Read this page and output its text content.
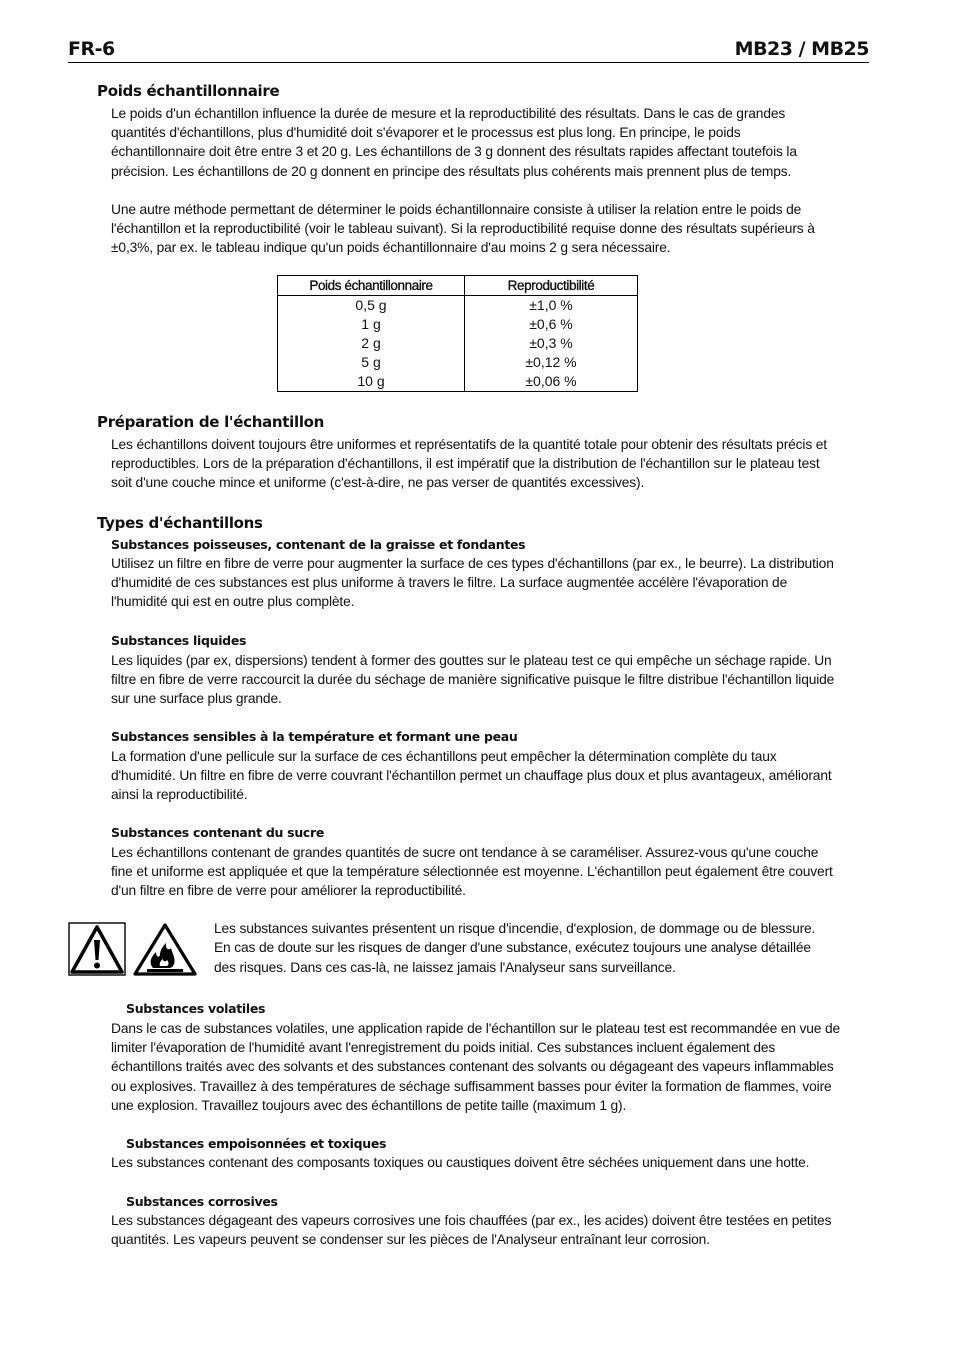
FR-6	MB23 / MB25
Poids échantillonnaire
Le poids d'un échantillon influence la durée de mesure et la reproductibilité des résultats. Dans le cas de grandes
quantités d'échantillons, plus d'humidité doit s'évaporer et le processus est plus long. En principe, le poids
échantillonnaire doit être entre 3 et 20 g. Les échantillons de 3 g donnent des résultats rapides affectant toutefois la
précision. Les échantillons de 20 g donnent en principe des résultats plus cohérents mais prennent plus de temps.
Une autre méthode permettant de déterminer le poids échantillonnaire consiste à utiliser la relation entre le poids de
l'échantillon et la reproductibilité (voir le tableau suivant). Si la reproductibilité requise donne des résultats supérieurs à
±0,3%, par ex. le tableau indique qu'un poids échantillonnaire d'au moins 2 g sera nécessaire.
Poids échantillonnaire	Reproductibilité
0,5 g	±1,0 %
1 g	±0,6 %
2 g	±0,3 %
5 g	±0,12 %
10 g	±0,06 %
Préparation de l'échantillon
Les échantillons doivent toujours être uniformes et représentatifs de la quantité totale pour obtenir des résultats précis et
reproductibles. Lors de la préparation d'échantillons, il est impératif que la distribution de l'échantillon sur le plateau test
soit d'une couche mince et uniforme (c'est-à-dire, ne pas verser de quantités excessives).
Types d'échantillons
Substances poisseuses, contenant de la graisse et fondantes
Utilisez un filtre en fibre de verre pour augmenter la surface de ces types d'échantillons (par ex., le beurre). La distribution
d'humidité de ces substances est plus uniforme à travers le filtre. La surface augmentée accélère l'évaporation de
l'humidité qui est en outre plus complète.
Substances liquides
Les liquides (par ex, dispersions) tendent à former des gouttes sur le plateau test ce qui empêche un séchage rapide. Un
filtre en fibre de verre raccourcit la durée du séchage de manière significative puisque le filtre distribue l'échantillon liquide
sur une surface plus grande.
Substances sensibles à la température et formant une peau
La formation d'une pellicule sur la surface de ces échantillons peut empêcher la détermination complète du taux
d'humidité. Un filtre en fibre de verre couvrant l'échantillon permet un chauffage plus doux et plus avantageux, améliorant
ainsi la reproductibilité.
Substances contenant du sucre
Les échantillons contenant de grandes quantités de sucre ont tendance à se caraméliser. Assurez-vous qu'une couche
fine et uniforme est appliquée et que la température sélectionnée est moyenne. L'échantillon peut également être couvert
d'un filtre en fibre de verre pour améliorer la reproductibilité.
Les substances suivantes présentent un risque d'incendie, d'explosion, de dommage ou de blessure.
En cas de doute sur les risques de danger d'une substance, exécutez toujours une analyse détaillée
des risques. Dans ces cas-là, ne laissez jamais l'Analyseur sans surveillance.
Substances volatiles
Dans le cas de substances volatiles, une application rapide de l'échantillon sur le plateau test est recommandée en vue de
limiter l'évaporation de l'humidité avant l'enregistrement du poids initial. Ces substances incluent également des
échantillons traités avec des solvants et des substances contenant des solvants ou dégageant des vapeurs inflammables
ou explosives. Travaillez à des températures de séchage suffisamment basses pour éviter la formation de flammes, voire
une explosion. Travaillez toujours avec des échantillons de petite taille (maximum 1 g).
Substances empoisonnées et toxiques
Les substances contenant des composants toxiques ou caustiques doivent être séchées uniquement dans une hotte.
Substances corrosives
Les substances dégageant des vapeurs corrosives une fois chauffées (par ex., les acides) doivent être testées en petites
quantités. Les vapeurs peuvent se condenser sur les pièces de l'Analyseur entraînant leur corrosion.
